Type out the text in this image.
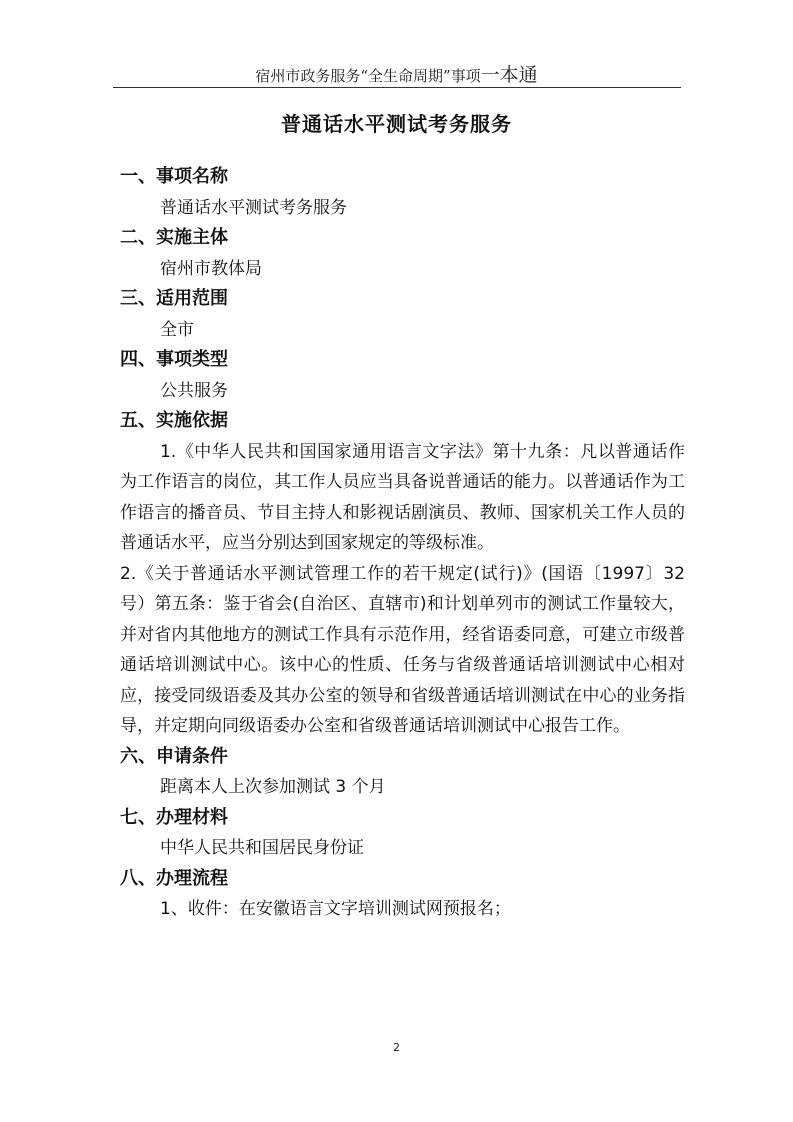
宿州市政务服务“全生命周期”事项一本通
普通话水平测试考务服务
一、事项名称
普通话水平测试考务服务
二、实施主体
宿州市教体局
三、适用范围
全市
四、事项类型
公共服务
五、实施依据

1.《中华人民共和国国家通用语言文字法》第十九条：凡以普通话作为工作语言的岗位，其工作人员应当具备说普通话的能力。以普通话作为工作语言的播音员、节目主持人和影视话剧演员、教师、国家机关工作人员的普通话水平，应当分别达到国家规定的等级标准。

2.《关于普通话水平测试管理工作的若干规定(试行)》(国语〔1997〕32 号）第五条：鉴于省会(自治区、直辖市)和计划单列市的测试工作量较大，并对省内其他地方的测试工作具有示范作用，经省语委同意，可建立市级普通话培训测试中心。该中心的性质、任务与省级普通话培训测试中心相对应，接受同级语委及其办公室的领导和省级普通话培训测试在中心的业务指导，并定期向同级语委办公室和省级普通话培训测试中心报告工作。

六、申请条件
距离本人上次参加测试 3 个月
七、办理材料
中华人民共和国居民身份证
八、办理流程
1、收件：在安徽语言文字培训测试网预报名；
2
